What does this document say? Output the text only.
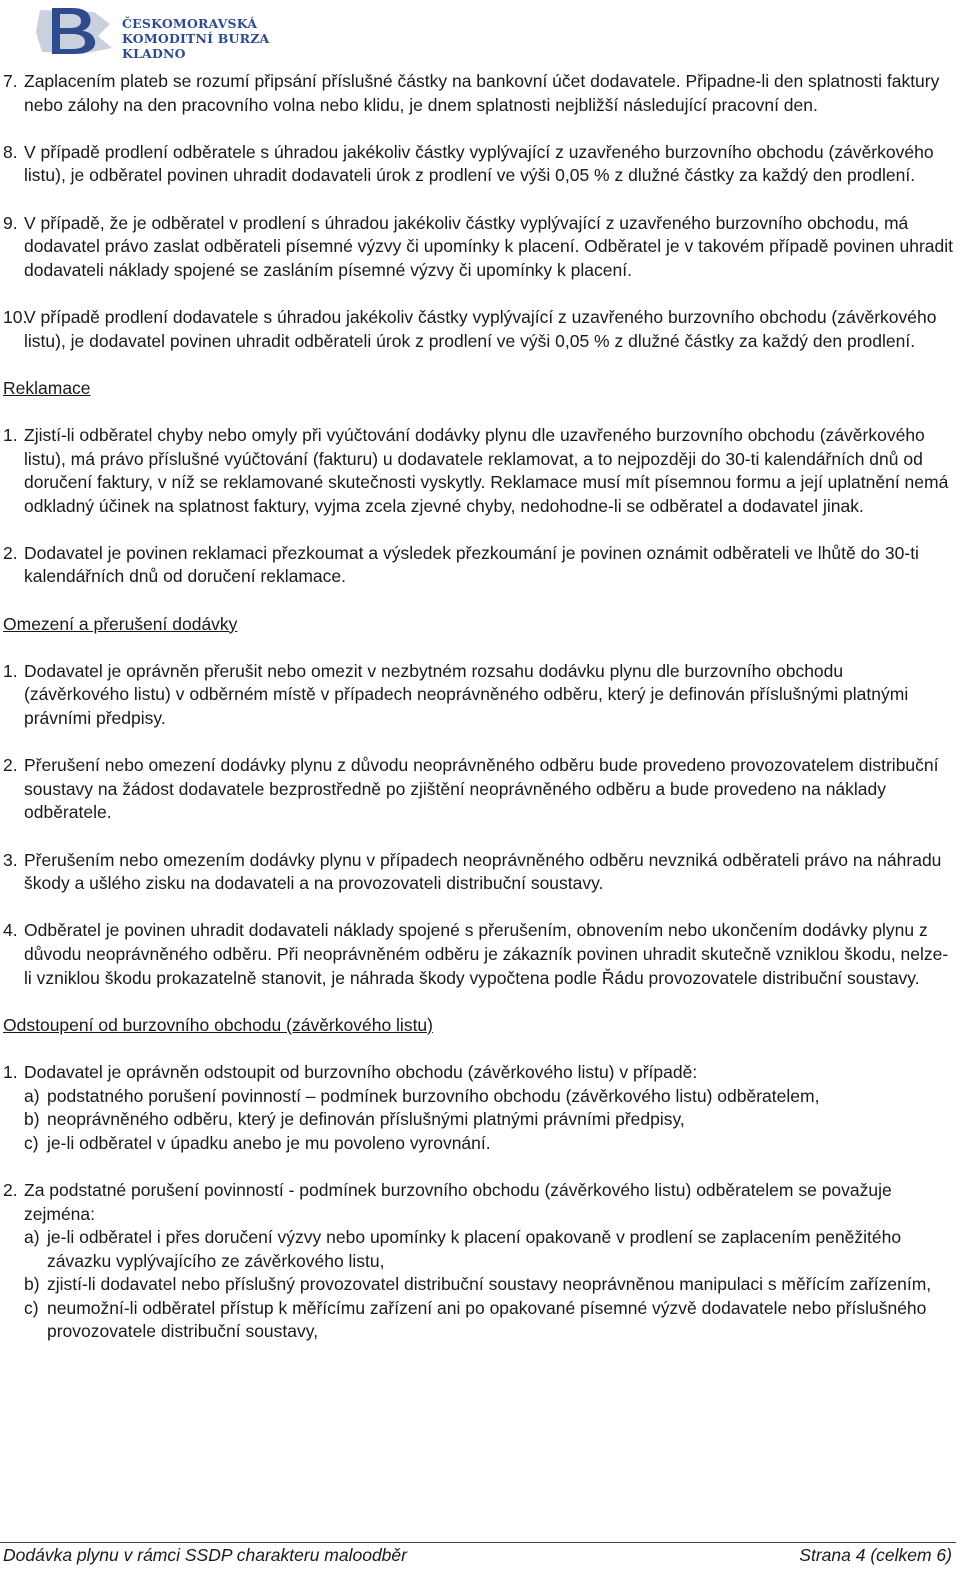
ČESKOMORAVSKÁ
KOMODITNÍ BURZA KLADNO
7. Zaplacením plateb se rozumí připsání příslušné částky na bankovní účet dodavatele. Připadne-li den splatnosti faktury nebo zálohy na den pracovního volna nebo klidu, je dnem splatnosti nejbližší následující pracovní den.
8. V případě prodlení odběratele s úhradou jakékoliv částky vyplývající z uzavřeného burzovního obchodu (závěrkového listu), je odběratel povinen uhradit dodavateli úrok z prodlení ve výši 0,05 % z dlužné částky za každý den prodlení.
9. V případě, že je odběratel v prodlení s úhradou jakékoliv částky vyplývající z uzavřeného burzovního obchodu, má dodavatel právo zaslat odběrateli písemné výzvy či upomínky k placení. Odběratel je v takovém případě povinen uhradit dodavateli náklady spojené se zasláním písemné výzvy či upomínky k placení.
10.
V případě prodlení dodavatele s úhradou jakékoliv částky vyplývající z uzavřeného burzovního obchodu (závěrkového listu), je dodavatel povinen uhradit odběrateli úrok z prodlení ve výši 0,05 % z dlužné částky za každý den prodlení.
Reklamace
1. Zjistí-li odběratel chyby nebo omyly při vyúčtování dodávky plynu dle uzavřeného burzovního obchodu (závěrkového listu), má právo příslušné vyúčtování (fakturu) u dodavatele reklamovat, a to nejpozději do 30-ti kalendářních dnů od doručení faktury, v níž se reklamované skutečnosti vyskytly. Reklamace musí mít písemnou formu a její uplatnění nemá odkladný účinek na splatnost faktury, vyjma zcela zjevné chyby, nedohodne-li se odběratel a dodavatel jinak.
2. Dodavatel je povinen reklamaci přezkoumat a výsledek přezkoumání je povinen oznámit odběrateli ve lhůtě do 30-ti kalendářních dnů od doručení reklamace.
Omezení a přerušení dodávky
1. Dodavatel je oprávněn přerušit nebo omezit v nezbytném rozsahu dodávku plynu dle burzovního obchodu (závěrkového listu) v odběrném místě v případech neoprávněného odběru, který je definován příslušnými platnými právními předpisy.
2. Přerušení nebo omezení dodávky plynu z důvodu neoprávněného odběru bude provedeno provozovatelem distribuční soustavy na žádost dodavatele bezprostředně po zjištění neoprávněného odběru a bude provedeno na náklady odběratele.
3. Přerušením nebo omezením dodávky plynu v případech neoprávněného odběru nevzniká odběrateli právo na náhradu škody a ušlého zisku na dodavateli a na provozovateli distribuční soustavy.
4. Odběratel je povinen uhradit dodavateli náklady spojené s přerušením, obnovením nebo ukončením dodávky plynu z důvodu neoprávněného odběru. Při neoprávněném odběru je zákazník povinen uhradit skutečně vzniklou škodu, nelze-li vzniklou škodu prokazatelně stanovit, je náhrada škody vypočtena podle Řádu provozovatele distribuční soustavy.
Odstoupení od burzovního obchodu (závěrkového listu)
1. Dodavatel je oprávněn odstoupit od burzovního obchodu (závěrkového listu) v případě:
a) podstatného porušení povinností – podmínek burzovního obchodu (závěrkového listu) odběratelem,
b) neoprávněného odběru, který je definován příslušnými platnými právními předpisy,
c) je-li odběratel v úpadku anebo je mu povoleno vyrovnání.
2. Za podstatné porušení povinností - podmínek burzovního obchodu (závěrkového listu) odběratelem se považuje zejména:
a) je-li odběratel i přes doručení výzvy nebo upomínky k placení opakovaně v prodlení se zaplacením peněžitého závazku vyplývajícího ze závěrkového listu,
b) zjistí-li dodavatel nebo příslušný provozovatel distribuční soustavy neoprávněnou manipulaci s měřícím zařízením,
c) neumožní-li odběratel přístup k měřícímu zařízení ani po opakované písemné výzvě dodavatele nebo příslušného provozovatele distribuční soustavy,
Dodávka plynu v rámci SSDP charakteru maloodběr	Strana 4 (celkem 6)
